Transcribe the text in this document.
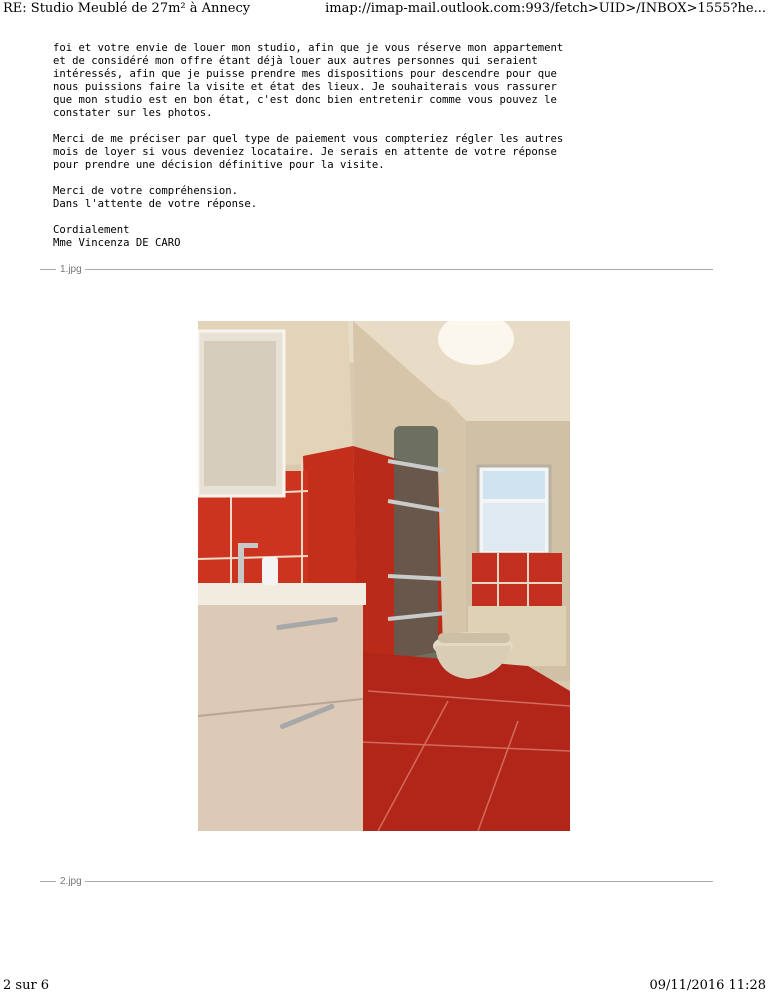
RE: Studio Meublé de 27m² à Annecy	imap://imap-mail.outlook.com:993/fetch>UID>/INBOX>1555?he...

foi et votre envie de louer mon studio, afin que je vous réserve mon appartement
et de considéré mon offre étant déjà louer aux autres personnes qui seraient
intéressés, afin que je puisse prendre mes dispositions pour descendre pour que
nous puissions faire la visite et état des lieux. Je souhaiterais vous rassurer
que mon studio est en bon état, c'est donc bien entretenir comme vous pouvez le
constater sur les photos.

Merci de me préciser par quel type de paiement vous compteriez régler les autres
mois de loyer si vous deveniez locataire. Je serais en attente de votre réponse
pour prendre une décision définitive pour la visite.

Merci de votre compréhension.
Dans l'attente de votre réponse.

Cordialement
Mme Vincenza DE CARO

1.jpg
2.jpg
2 sur 6	09/11/2016 11:28
